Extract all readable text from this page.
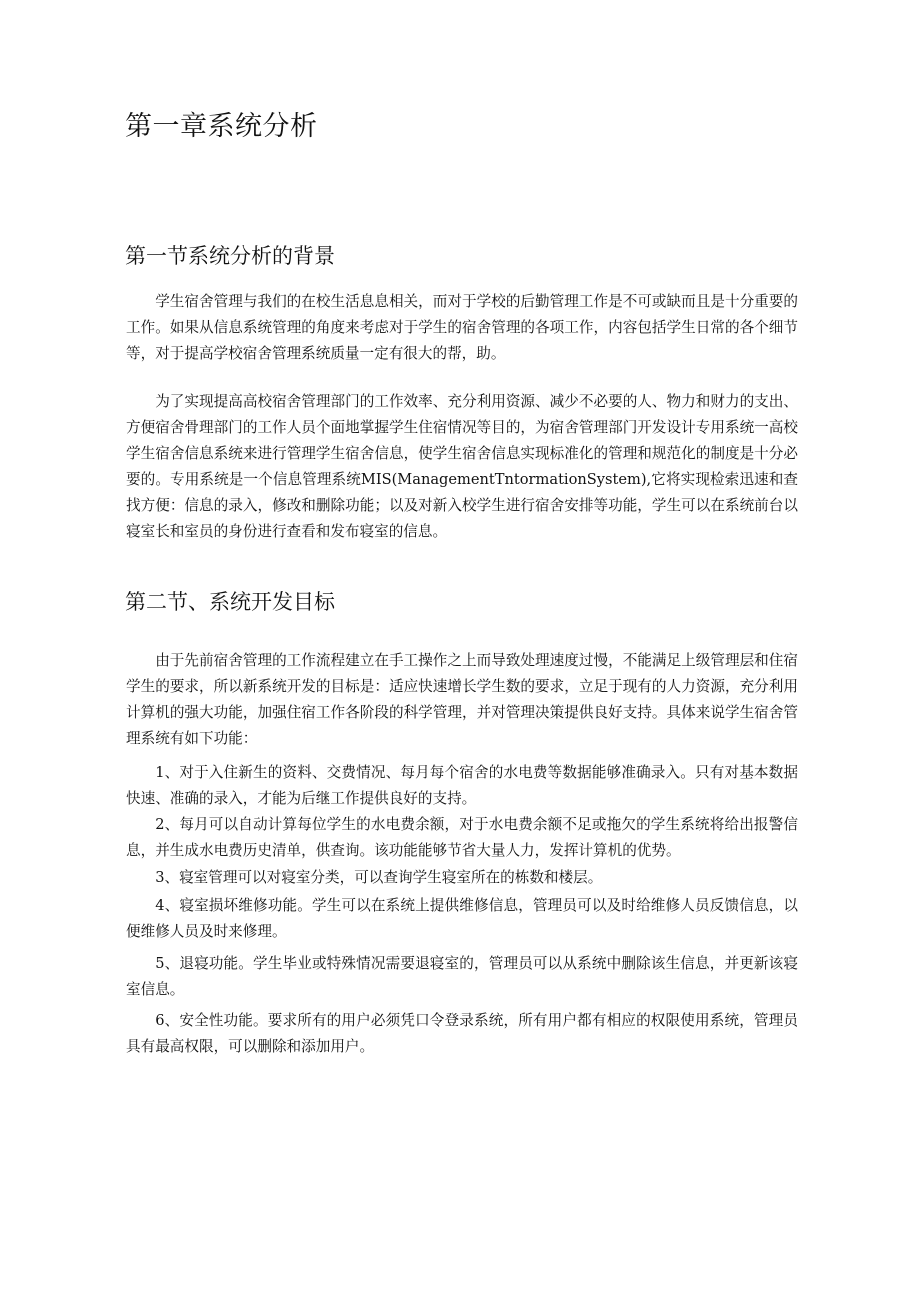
第一章系统分析
第一节系统分析的背景

学生宿舍管理与我们的在校生活息息相关，而对于学校的后勤管理工作是不可或缺而且是十分重要的工作。如果从信息系统管理的角度来考虑对于学生的宿舍管理的各项工作，内容包括学生日常的各个细节等，对于提高学校宿舍管理系统质量一定有很大的帮，助。

为了实现提高高校宿舍管理部门的工作效率、充分利用资源、减少不必要的人、物力和财力的支出、方便宿舍骨理部门的工作人员个面地掌握学生住宿情况等目的，为宿舍管理部门开发设计专用系统一高校学生宿舍信息系统来进行管理学生宿舍信息，使学生宿舍信息实现标准化的管理和规范化的制度是十分必要的。专用系统是一个信息管理系统MIS(ManagementTntormationSystem),它将实现检索迅速和查找方便：信息的录入，修改和删除功能；以及对新入校学生进行宿舍安排等功能，学生可以在系统前台以寝室长和室员的身份进行查看和发布寝室的信息。

第二节、系统开发目标

由于先前宿舍管理的工作流程建立在手工操作之上而导致处理速度过慢，不能满足上级管理层和住宿学生的要求，所以新系统开发的目标是：适应快速增长学生数的要求，立足于现有的人力资源，充分利用计算机的强大功能，加强住宿工作各阶段的科学管理，并对管理决策提供良好支持。具体来说学生宿舍管理系统有如下功能：

1、对于入住新生的资料、交费情况、每月每个宿舍的水电费等数据能够准确录入。只有对基本数据快速、准确的录入，才能为后继工作提供良好的支持。

2、每月可以自动计算每位学生的水电费余额，对于水电费余额不足或拖欠的学生系统将给出报警信息，并生成水电费历史清单，供查询。该功能能够节省大量人力，发挥计算机的优势。

3、寝室管理可以对寝室分类，可以查询学生寝室所在的栋数和楼层。

4、寝室损坏维修功能。学生可以在系统上提供维修信息，管理员可以及时给维修人员反馈信息，以便维修人员及时来修理。

5、退寝功能。学生毕业或特殊情况需要退寝室的，管理员可以从系统中删除该生信息，并更新该寝室信息。

6、安全性功能。要求所有的用户必须凭口令登录系统，所有用户都有相应的权限使用系统，管理员具有最高权限，可以删除和添加用户。
